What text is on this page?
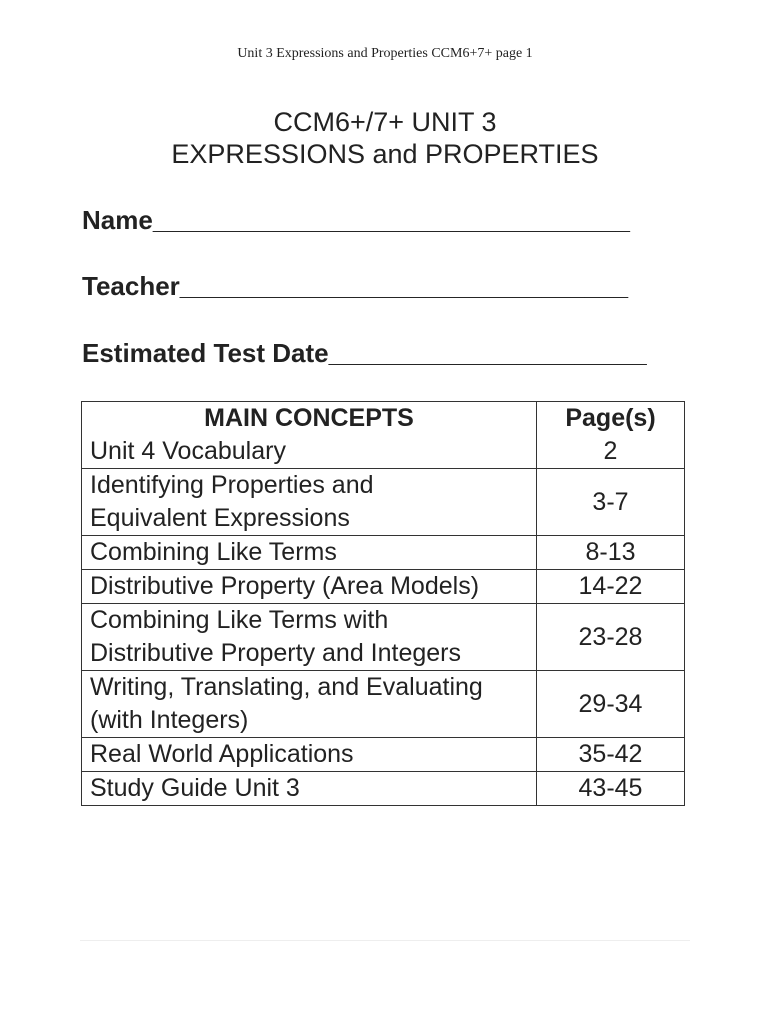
Unit 3 Expressions and Properties CCM6+7+ page 1
CCM6+/7+ UNIT 3
EXPRESSIONS and PROPERTIES
Name_________________________________
Teacher_______________________________
Estimated Test Date______________________
MAIN CONCEPTS	Page(s)

Unit 4 Vocabulary	2

Identifying Properties and
Equivalent Expressions	3-7

Combining Like Terms	8-13

Distributive Property (Area Models)	14-22

Combining Like Terms with
Distributive Property and Integers	23-28

Writing, Translating, and Evaluating
(with Integers)	29-34

Real World Applications	35-42

Study Guide Unit 3	43-45
